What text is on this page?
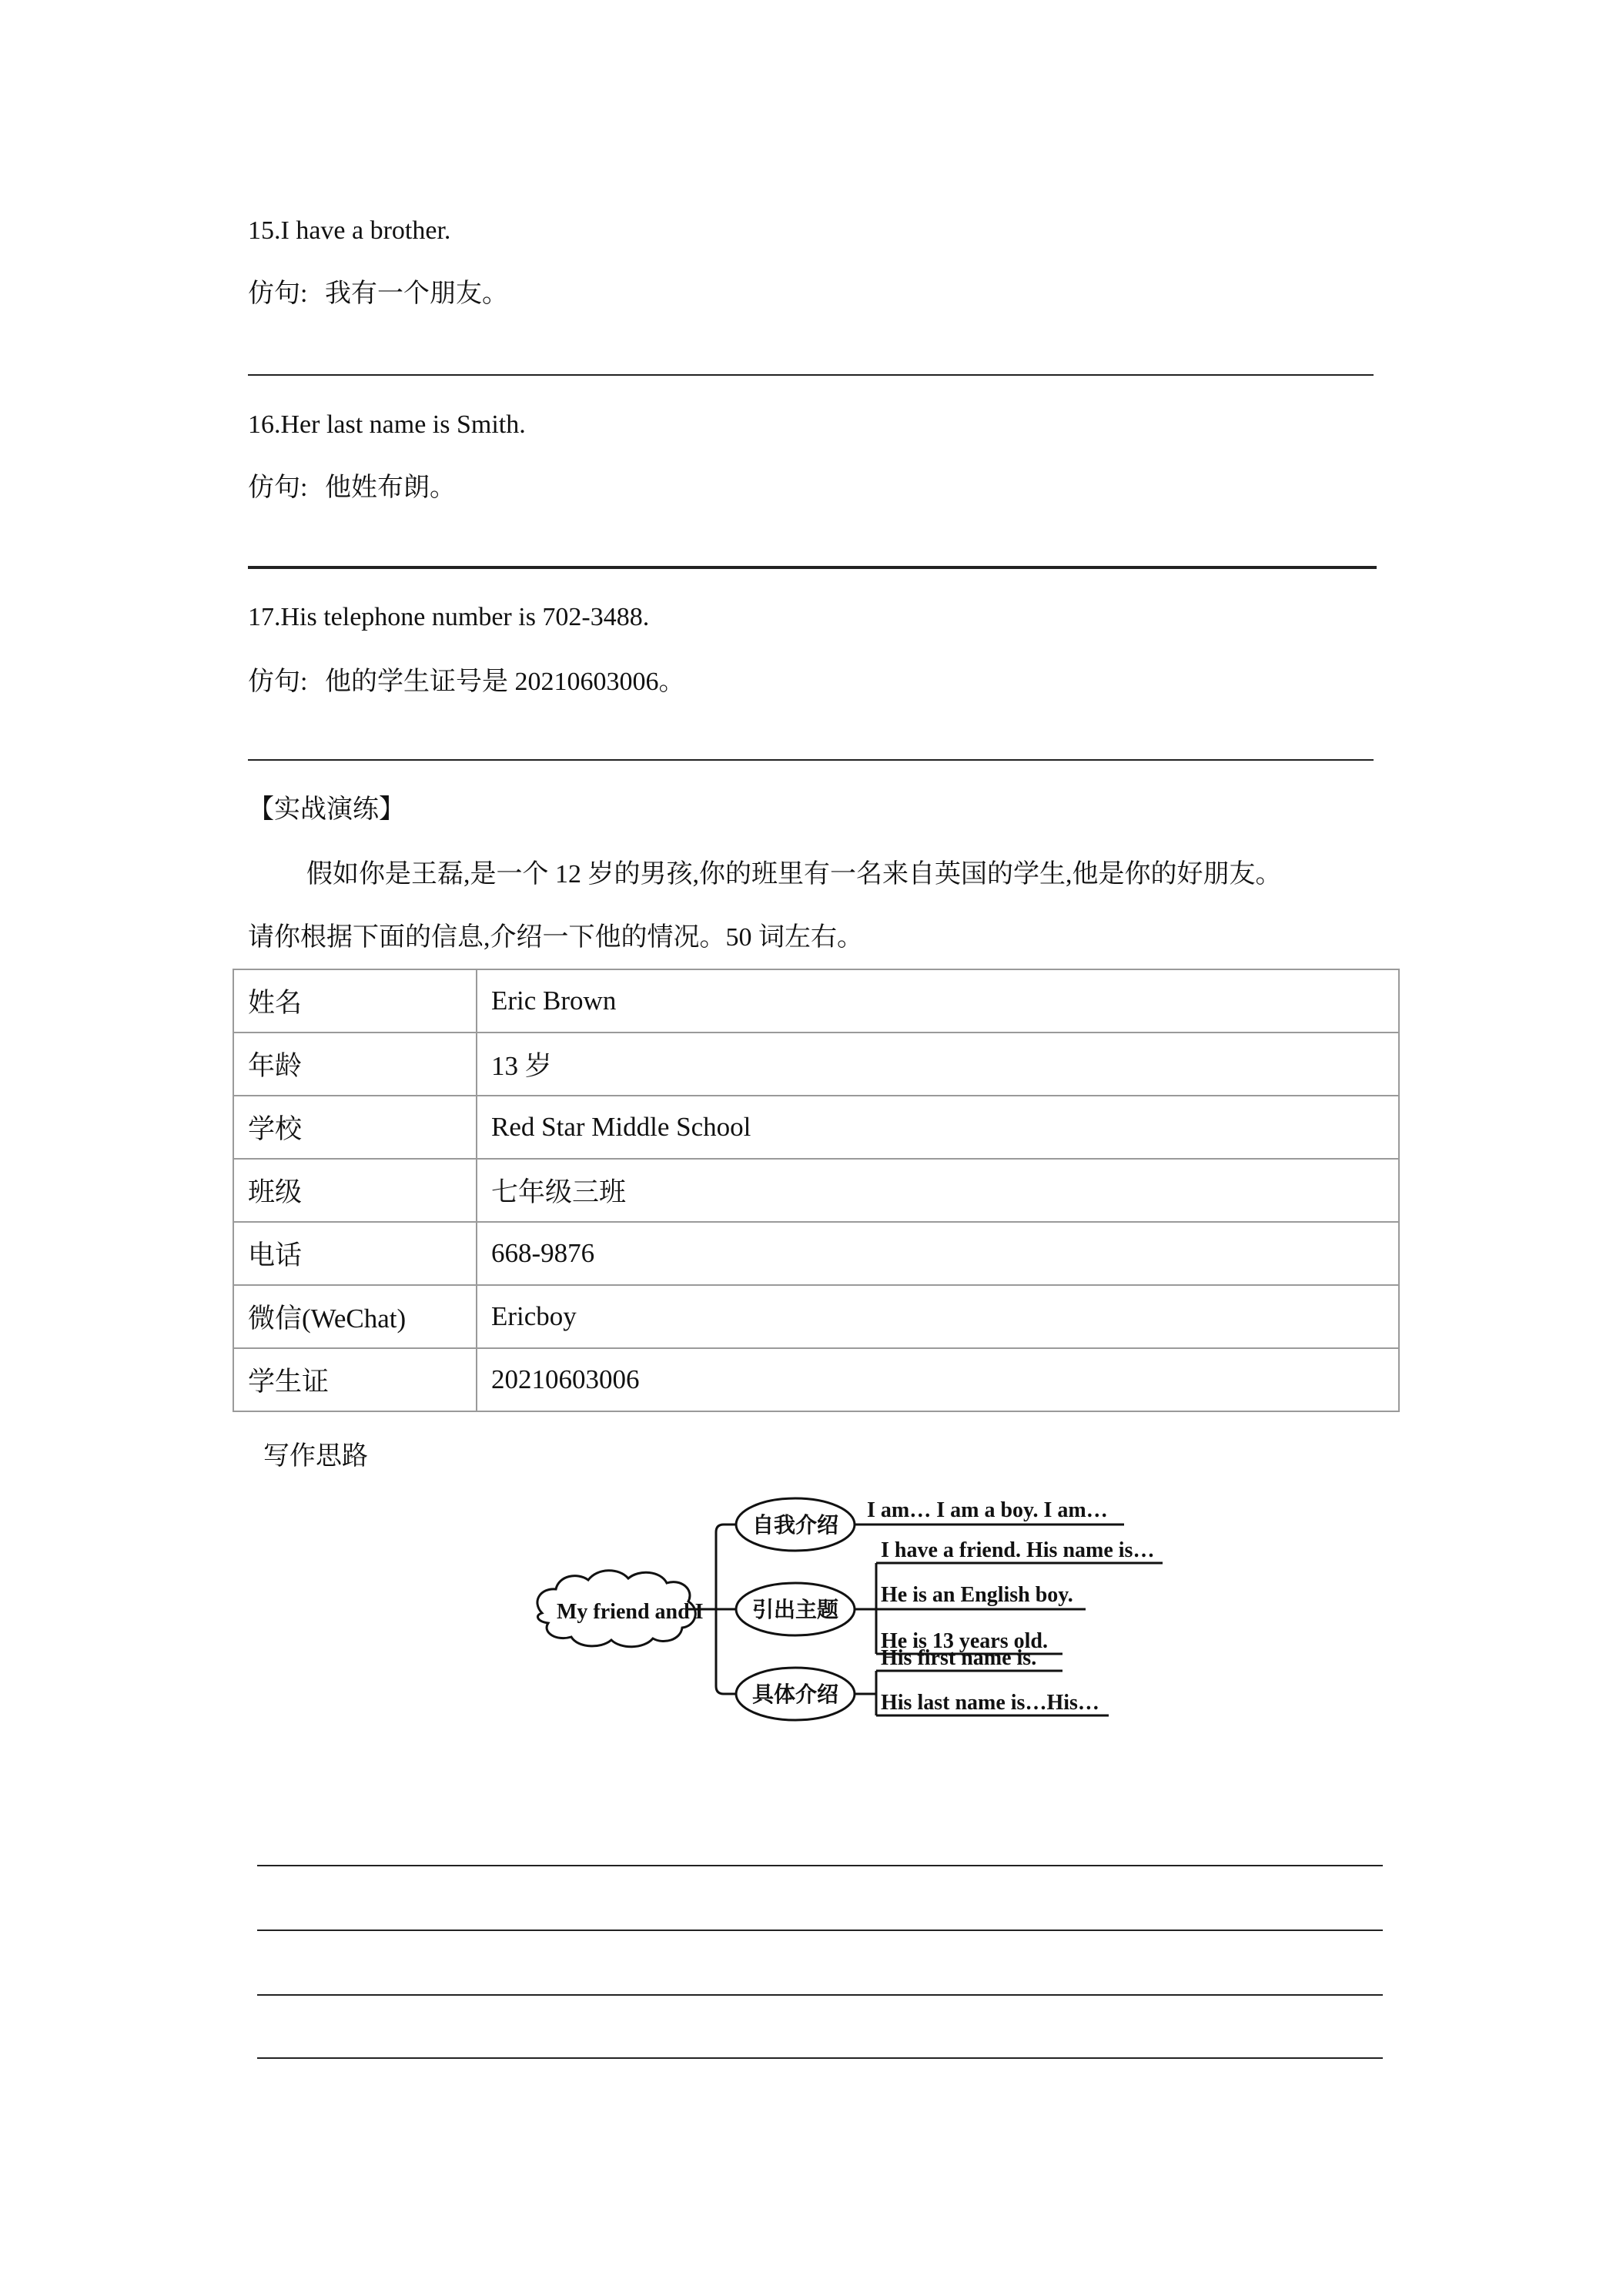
15.I have a brother.
仿句: 我有一个朋友。
16.Her last name is Smith.
仿句: 他姓布朗。
17.His telephone number is 702-3488.
仿句: 他的学生证号是 20210603006。
【实战演练】
假如你是王磊,是一个 12 岁的男孩,你的班里有一名来自英国的学生,他是你的好朋友。
请你根据下面的信息,介绍一下他的情况。50 词左右。
姓名	Eric Brown
年龄	13 岁
学校	Red Star Middle School
班级	七年级三班
电话	668-9876
微信(WeChat)	Ericboy
学生证	20210603006
写作思路
My friend and I
自我介绍
引出主题
具体介绍
I am… I am a boy. I am…
I have a friend. His name is…
He is an English boy.
He is 13 years old.
His first name is.
His last name is…His…
